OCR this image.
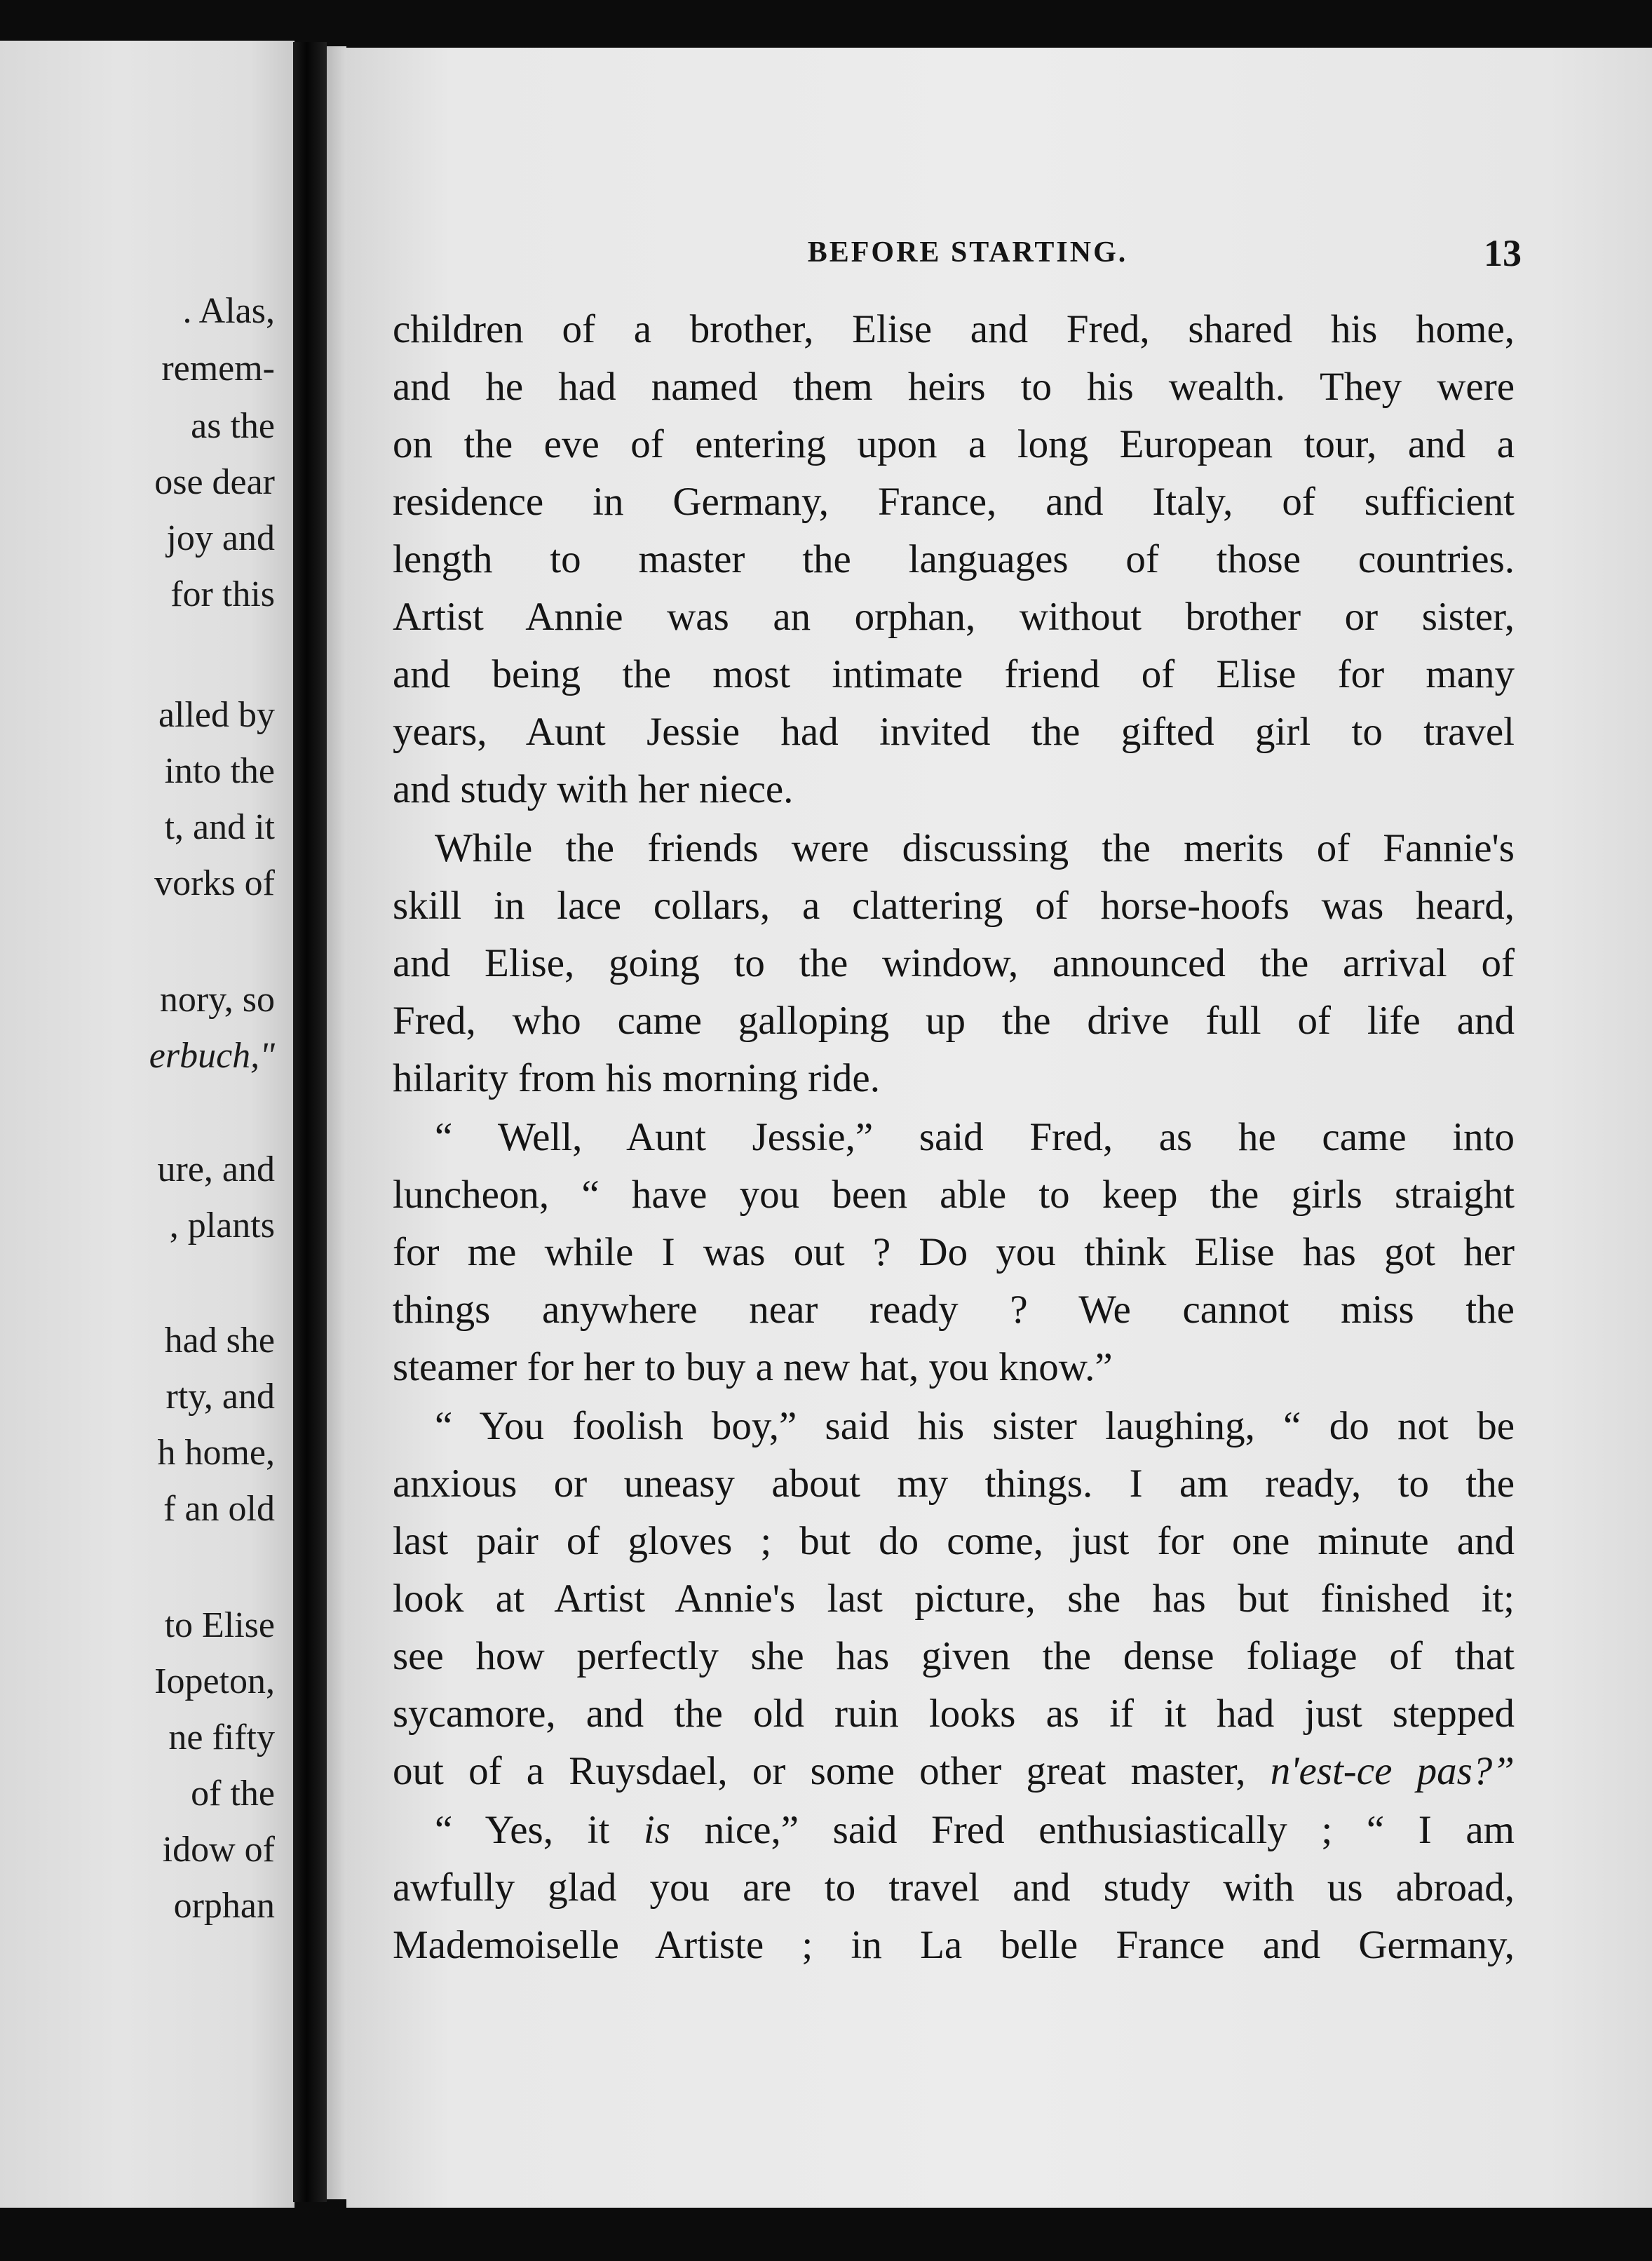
. Alas,
remem-
as the
ose dear
joy and
for this
alled by
into the
t, and it
vorks of
nory, so
erbuch,"
ure, and
, plants
had she
rty, and
h home,
f an old
to Elise
Iopeton,
ne fifty
of the
idow of
orphan
BEFORE STARTING.	13
children of a brother, Elise and Fred, shared his home,
and he had named them heirs to his wealth. They were
on the eve of entering upon a long European tour, and a
residence in Germany, France, and Italy, of sufficient
length to master the languages of those countries.
Artist Annie was an orphan, without brother or sister,
and being the most intimate friend of Elise for many
years, Aunt Jessie had invited the gifted girl to travel
and study with her niece.
While the friends were discussing the merits of Fannie's
skill in lace collars, a clattering of horse-hoofs was heard,
and Elise, going to the window, announced the arrival of
Fred, who came galloping up the drive full of life and
hilarity from his morning ride.
“ Well, Aunt Jessie,” said Fred, as he came into
luncheon, “ have you been able to keep the girls straight
for me while I was out ? Do you think Elise has got her
things anywhere near ready ? We cannot miss the
steamer for her to buy a new hat, you know.”
“ You foolish boy,” said his sister laughing, “ do not be
anxious or uneasy about my things. I am ready, to the
last pair of gloves ; but do come, just for one minute and
look at Artist Annie's last picture, she has but finished it;
see how perfectly she has given the dense foliage of that
sycamore, and the old ruin looks as if it had just stepped
out of a Ruysdael, or some other great master, n'est-ce pas?”
“ Yes, it is nice,” said Fred enthusiastically ; “ I am
awfully glad you are to travel and study with us abroad,
Mademoiselle Artiste ; in La belle France and Germany,
